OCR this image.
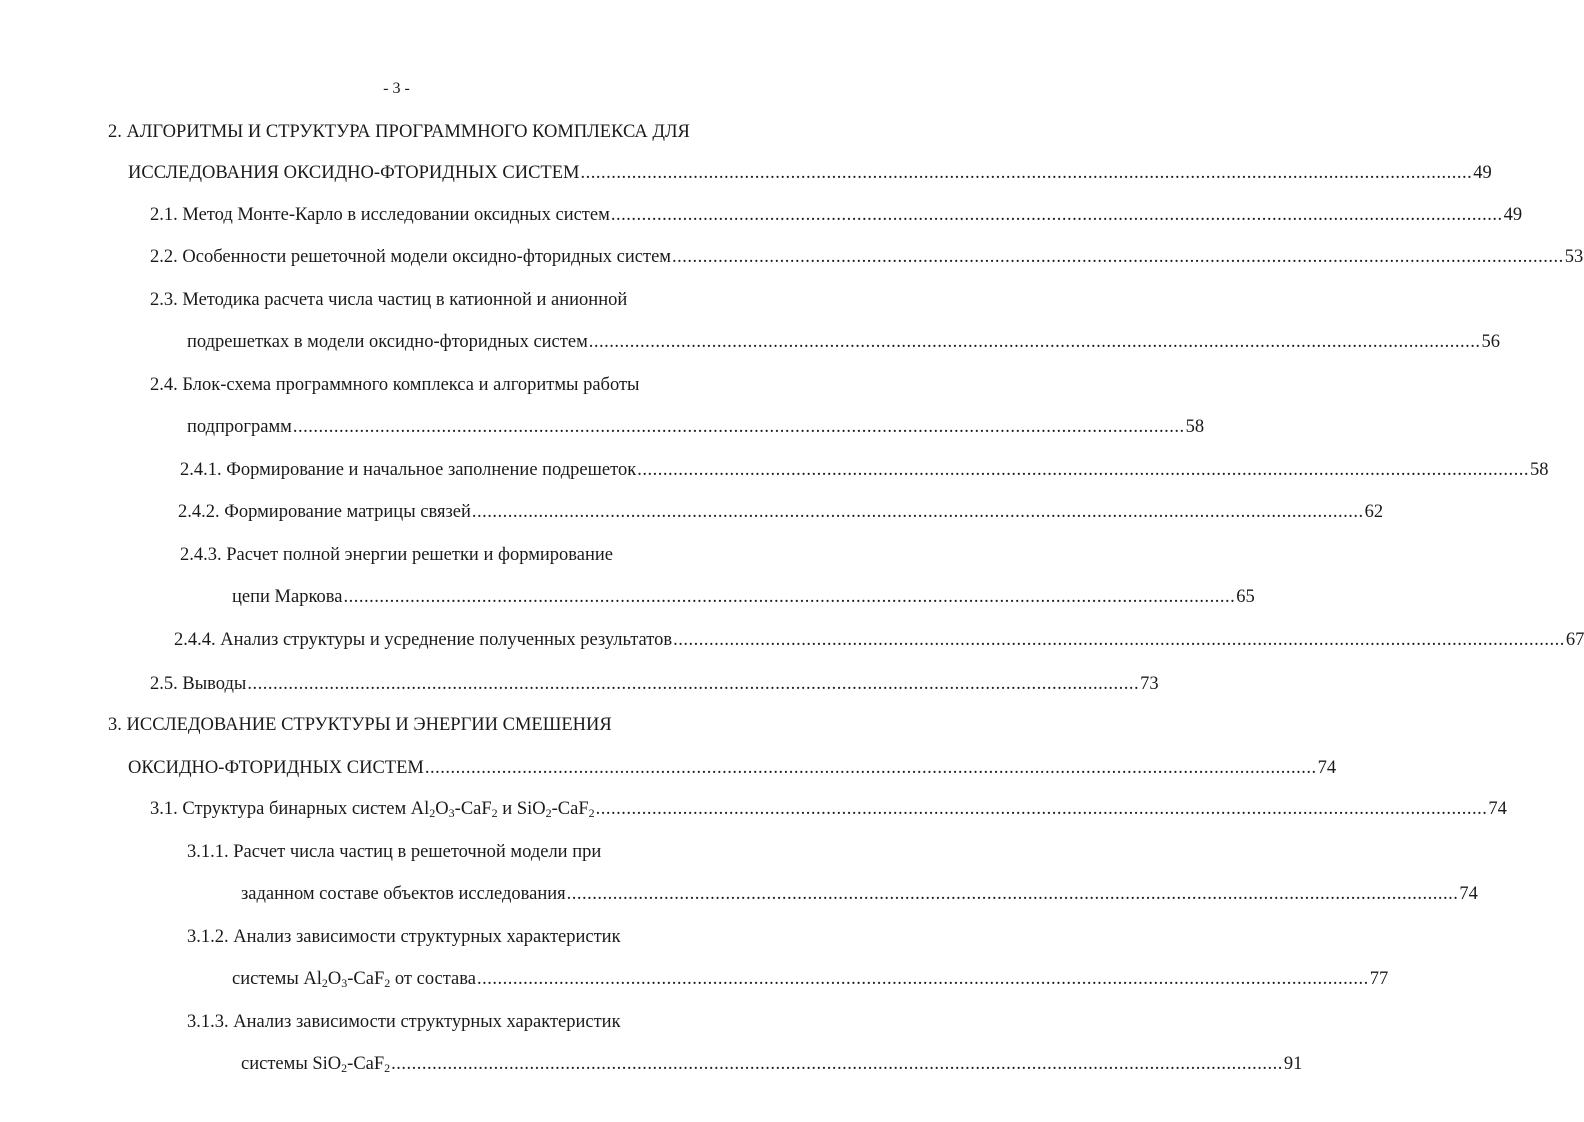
- 3 -
2. АЛГОРИТМЫ И СТРУКТУРА ПРОГРАММНОГО КОМПЛЕКСА ДЛЯ
ИССЛЕДОВАНИЯ ОКСИДНО-ФТОРИДНЫХ СИСТЕМ .............................................................................................................................................................................. 49
2.1. Метод Монте-Карло в исследовании оксидных систем .............................................................................................................................................................................. 49
2.2. Особенности решеточной модели оксидно-фторидных систем .............................................................................................................................................................................. 53
2.3. Методика расчета числа частиц в катионной и анионной
подрешетках в модели оксидно-фторидных систем .............................................................................................................................................................................. 56
2.4. Блок-схема программного комплекса и алгоритмы работы
подпрограмм .............................................................................................................................................................................. 58
2.4.1. Формирование и начальное заполнение подрешеток .............................................................................................................................................................................. 58
2.4.2. Формирование матрицы связей .............................................................................................................................................................................. 62
2.4.3. Расчет полной энергии решетки и формирование
цепи Маркова .............................................................................................................................................................................. 65
2.4.4. Анализ структуры и усреднение полученных результатов .............................................................................................................................................................................. 67
2.5. Выводы .............................................................................................................................................................................. 73
3. ИССЛЕДОВАНИЕ СТРУКТУРЫ И ЭНЕРГИИ СМЕШЕНИЯ
ОКСИДНО-ФТОРИДНЫХ СИСТЕМ .............................................................................................................................................................................. 74
3.1. Структура бинарных систем $Al_2O_3-CaF_2$ и SiO$_2$-CaF$_2$ .............................................................................................................................................................................. 74
3.1.1. Расчет числа частиц в решеточной модели при
заданном составе объектов исследования .............................................................................................................................................................................. 74
3.1.2. Анализ зависимости структурных характеристик
системы $Al_2O_3-CaF_2$ от состава .............................................................................................................................................................................. 77
3.1.3. Анализ зависимости структурных характеристик
системы SiO$_2$-CaF$_2$ .............................................................................................................................................................................. 91
